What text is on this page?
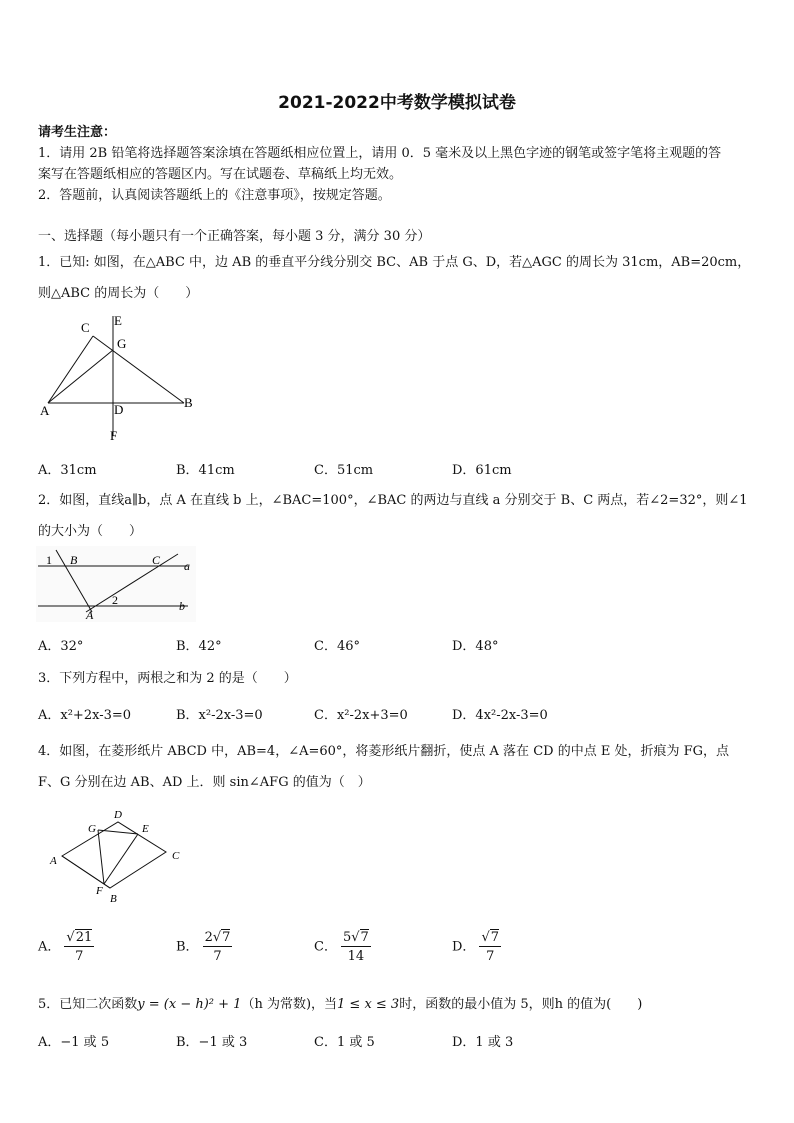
2021-2022中考数学模拟试卷
请考生注意：
1．请用 2B 铅笔将选择题答案涂填在答题纸相应位置上，请用 0．5 毫米及以上黑色字迹的钢笔或签字笔将主观题的答
案写在答题纸相应的答题区内。写在试题卷、草稿纸上均无效。
2．答题前，认真阅读答题纸上的《注意事项》，按规定答题。
一、选择题（每小题只有一个正确答案，每小题 3 分，满分 30 分）
1．已知: 如图，在△ABC 中，边 AB 的垂直平分线分别交 BC、AB 于点 G、D，若△AGC 的周长为 31cm，AB=20cm，
则△ABC 的周长为（　　）
C E
G
A	D	B
F
A．31cm	B．41cm	C．51cm	D．61cm
2．如图，直线a∥b，点 A 在直线 b 上，∠BAC=100°，∠BAC 的两边与直线 a 分别交于 B、C 两点，若∠2=32°，则∠1
的大小为（　　）
1 B	C a
2
A
b
A．32°	B．42°	C．46°	D．48°
3．下列方程中，两根之和为 2 的是（　　）
A．x²+2x-3=0	B．x²-2x-3=0	C．x²-2x+3=0	D．4x²-2x-3=0
4．如图，在菱形纸片 ABCD 中，AB=4，∠A=60°，将菱形纸片翻折，使点 A 落在 CD 的中点 E 处，折痕为 FG，点
F、G 分别在边 AB、AD 上．则 sin∠AFG 的值为（　）
G
D
E
A	C
F
B
A． $\frac{√21}{7}$	B． $\frac{2√7}{7}$	C． $\frac{5√7}{14}$	D． $\frac{√7}{7}$
5．已知二次函数y = (x − h)² + 1（h 为常数)，当1 ≤ x ≤ 3时，函数的最小值为 5，则h 的值为(　　)
A．−1 或 5	B．−1 或 3	C．1 或 5	D．1 或 3
